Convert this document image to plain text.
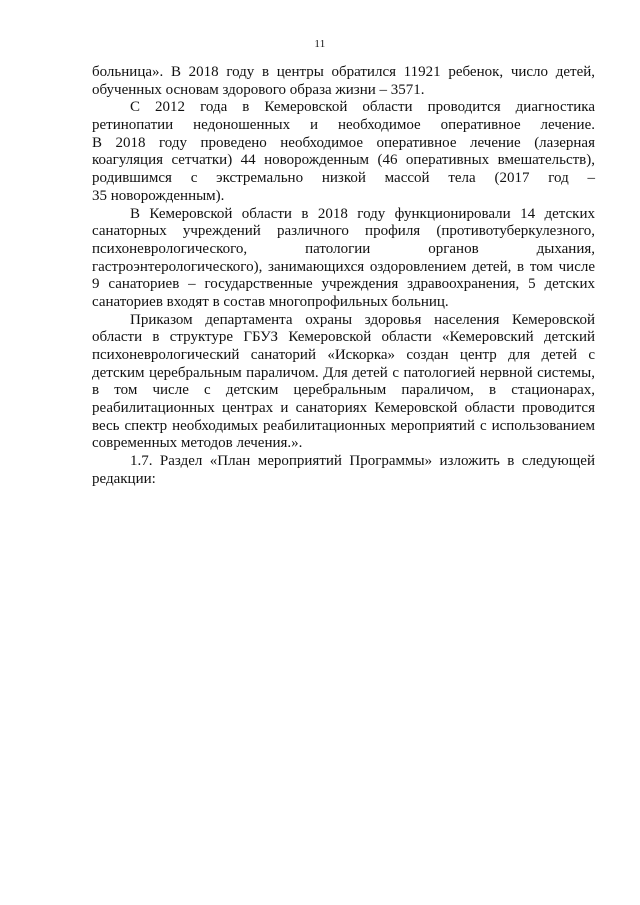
11
больница». В 2018 году в центры обратился 11921 ребенок, число детей,
обученных основам здорового образа жизни – 3571.
С 2012 года в Кемеровской области проводится диагностика
ретинопатии недоношенных и необходимое оперативное лечение.
В 2018 году проведено необходимое оперативное лечение (лазерная
коагуляция сетчатки) 44 новорожденным (46 оперативных вмешательств),
родившимся с экстремально низкой массой тела (2017 год –
35 новорожденным).
В Кемеровской области в 2018 году функционировали 14 детских
санаторных учреждений различного профиля (противотуберкулезного,
психоневрологического, патологии органов дыхания,
гастроэнтерологического), занимающихся оздоровлением детей, в том числе
9 санаториев – государственные учреждения здравоохранения, 5 детских
санаториев входят в состав многопрофильных больниц.
Приказом департамента охраны здоровья населения Кемеровской
области в структуре ГБУЗ Кемеровской области «Кемеровский детский
психоневрологический санаторий «Искорка» создан центр для детей с
детским церебральным параличом. Для детей с патологией нервной системы,
в том числе с детским церебральным параличом, в стационарах,
реабилитационных центрах и санаториях Кемеровской области проводится
весь спектр необходимых реабилитационных мероприятий с использованием
современных методов лечения.».
1.7. Раздел «План мероприятий Программы» изложить в следующей
редакции:
